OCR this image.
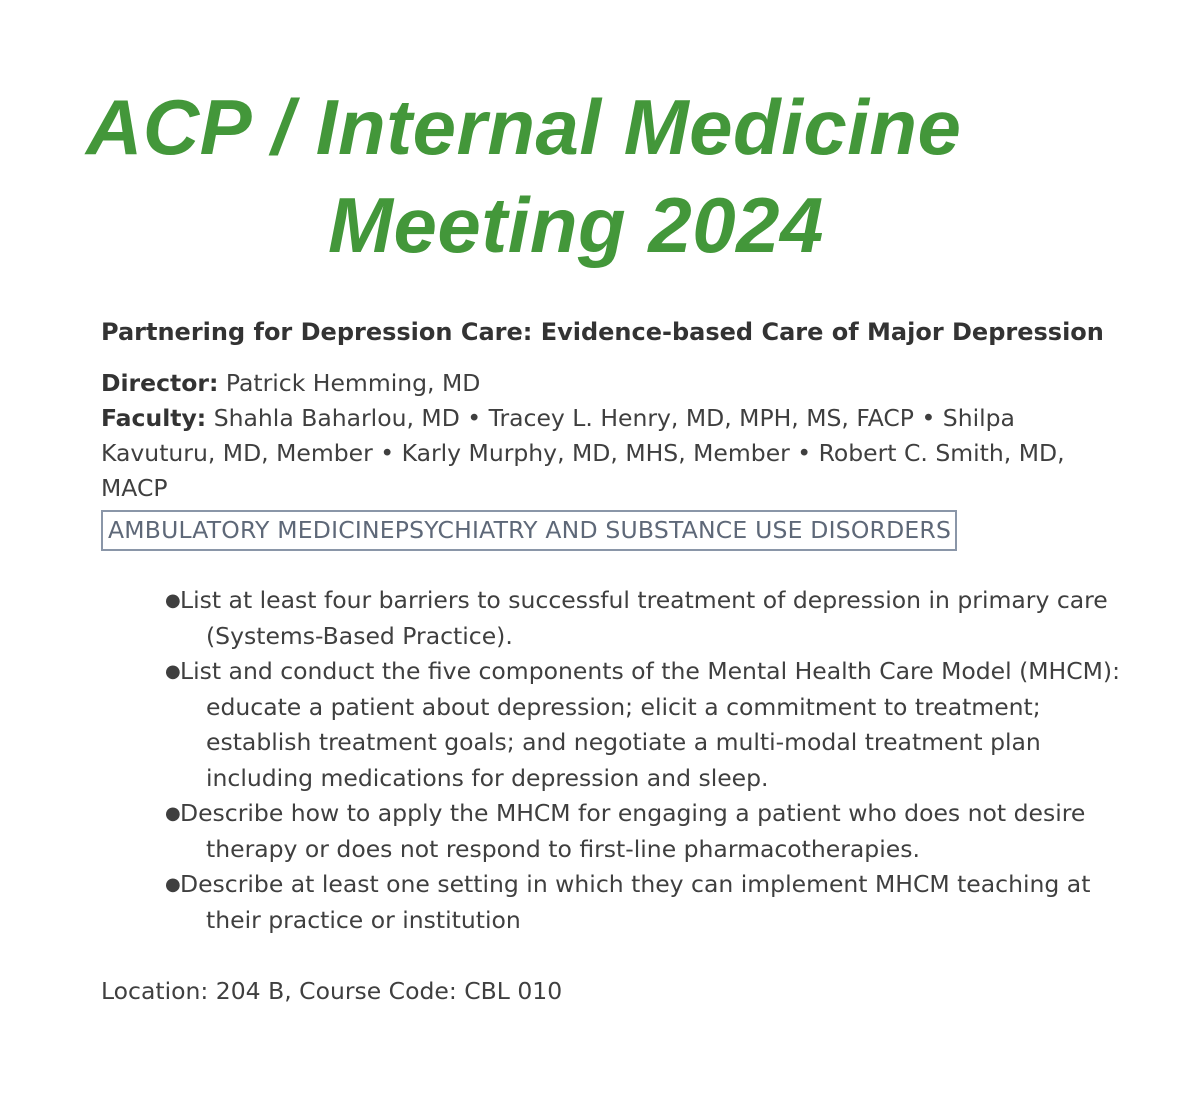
ACP / Internal Medicine
Meeting 2024

Partnering for Depression Care: Evidence-based Care of Major Depression

Director: Patrick Hemming, MD
Faculty: Shahla Baharlou, MD • Tracey L. Henry, MD, MPH, MS, FACP • Shilpa Kavuturu, MD, Member • Karly Murphy, MD, MHS, Member • Robert C. Smith, MD, MACP
AMBULATORY MEDICINEPSYCHIATRY AND SUBSTANCE USE DISORDERS
● List at least four barriers to successful treatment of depression in primary care (Systems-Based Practice).
● List and conduct the five components of the Mental Health Care Model (MHCM): educate a patient about depression; elicit a commitment to treatment; establish treatment goals; and negotiate a multi-modal treatment plan including medications for depression and sleep.
● Describe how to apply the MHCM for engaging a patient who does not desire therapy or does not respond to first-line pharmacotherapies.
● Describe at least one setting in which they can implement MHCM teaching at their practice or institution
Location: 204 B, Course Code: CBL 010
